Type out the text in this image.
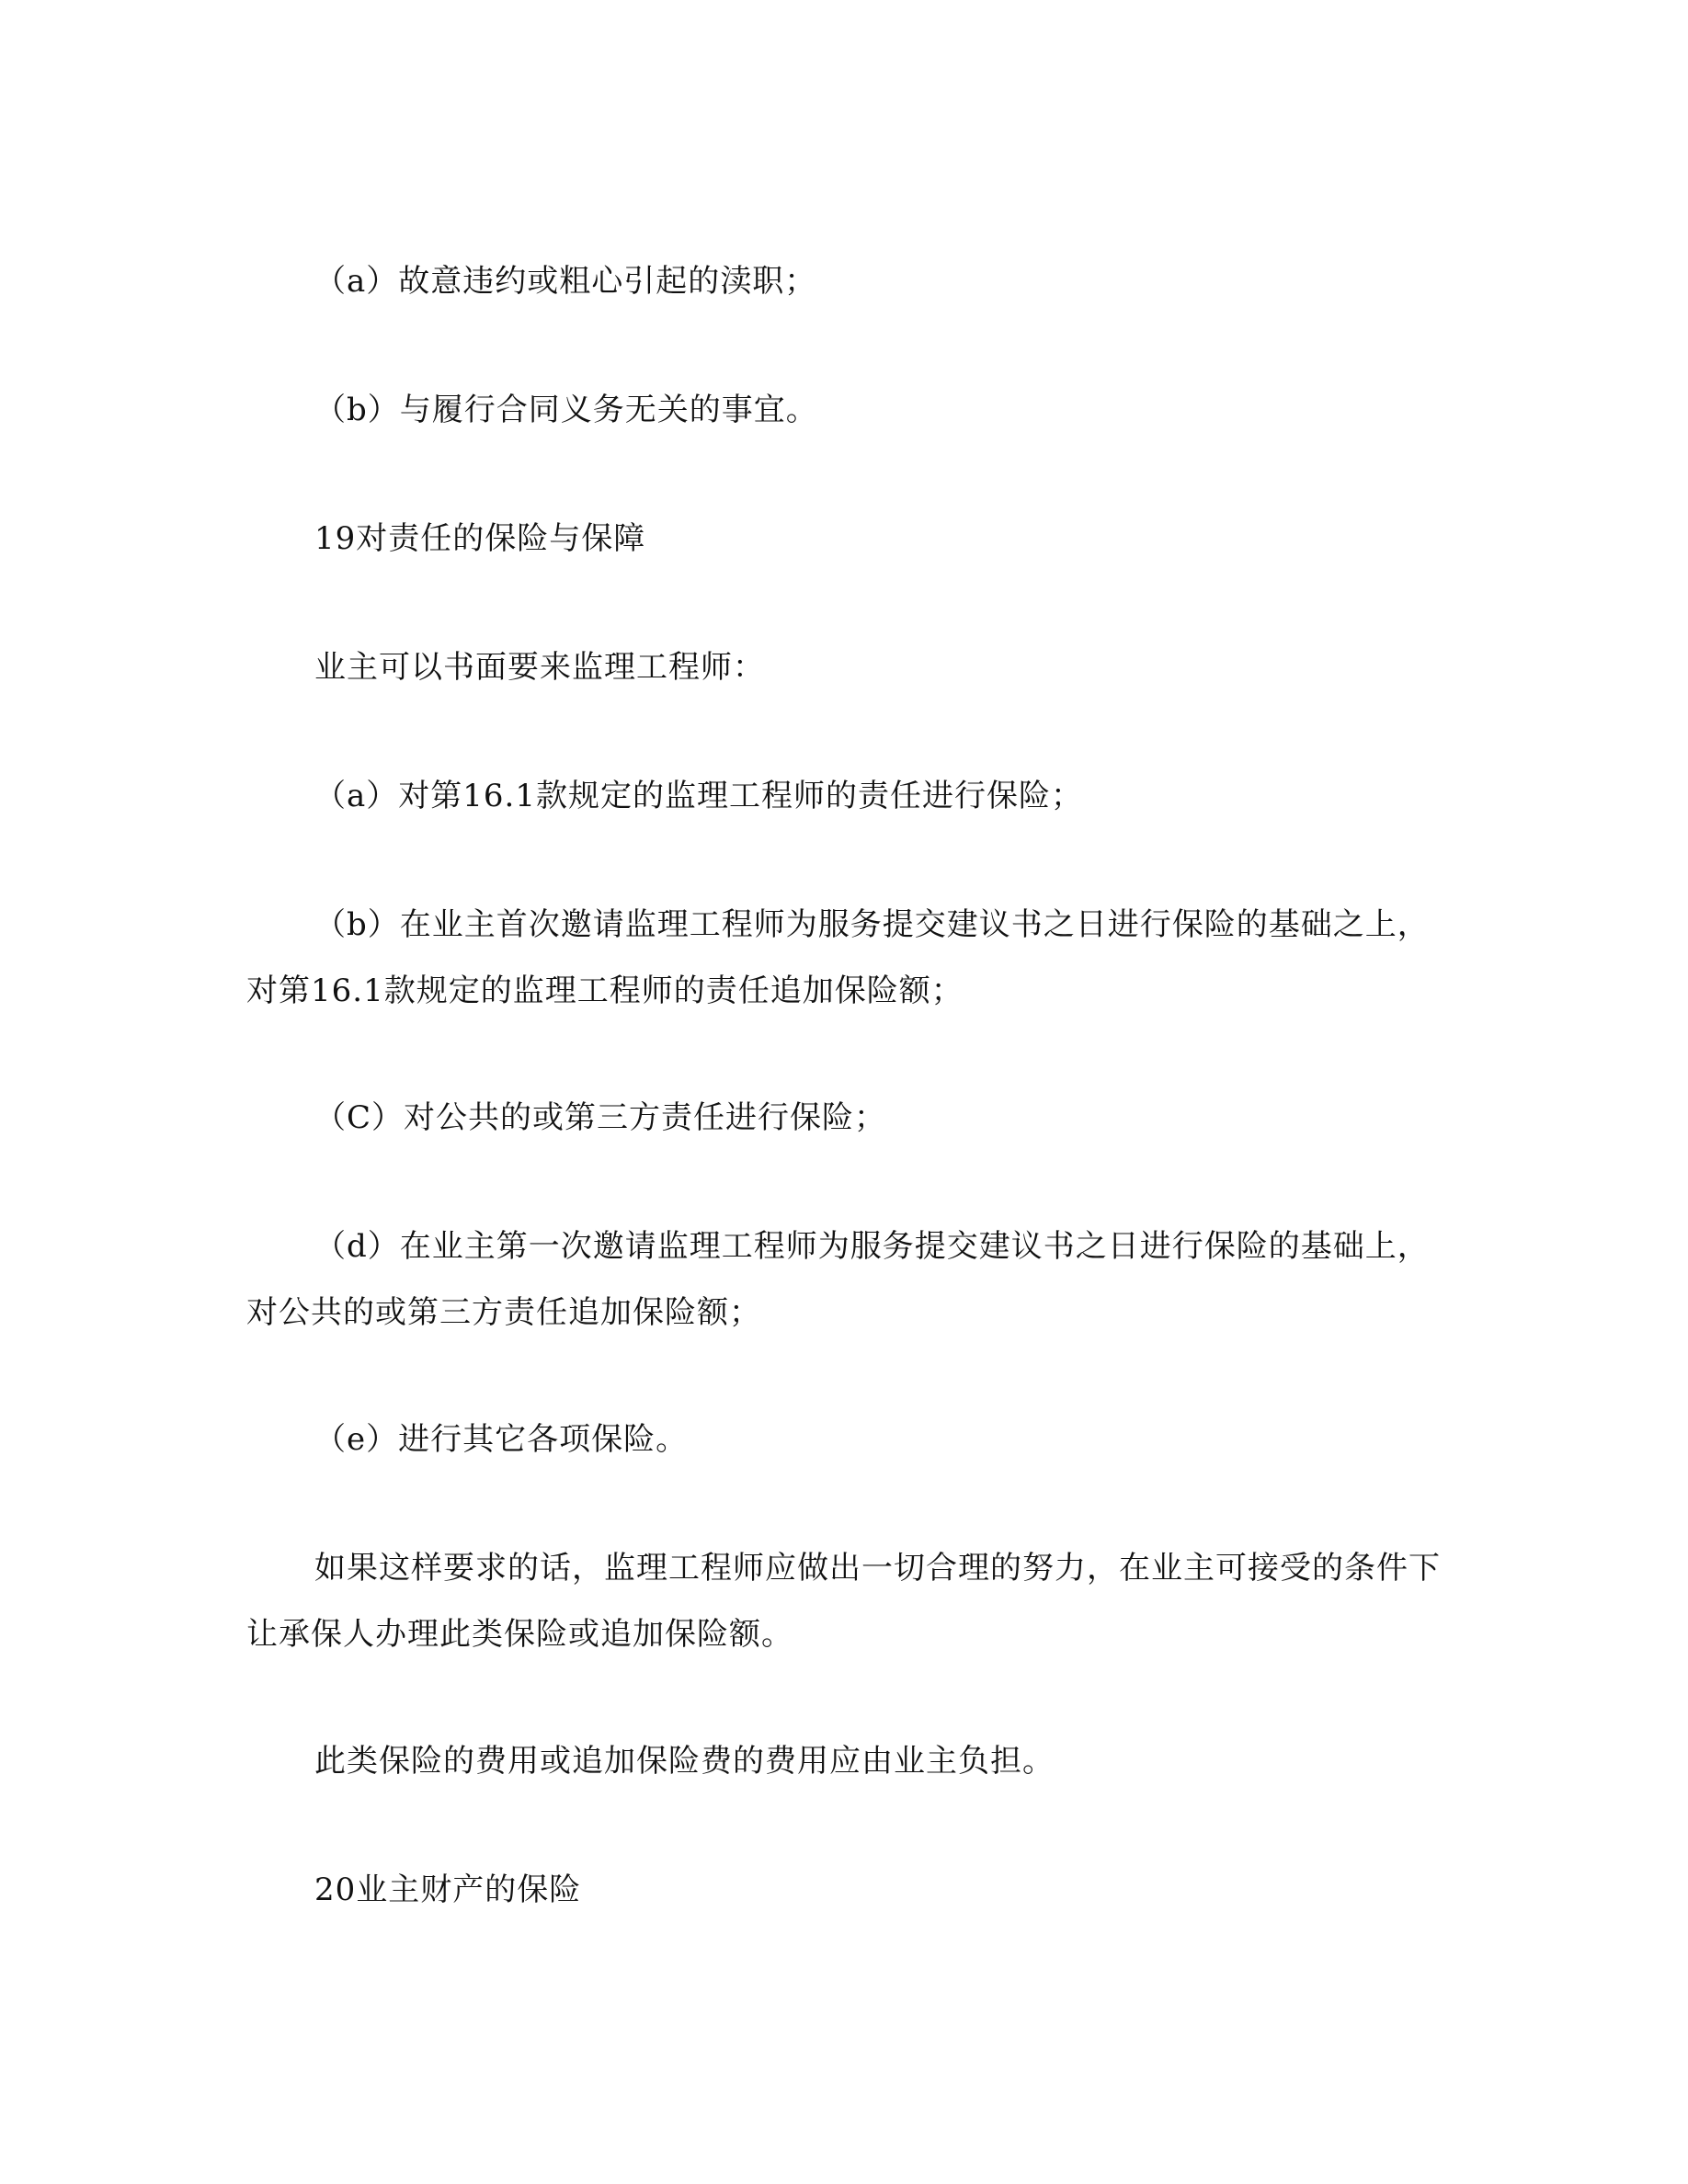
（a）故意违约或粗心引起的渎职；

（b）与履行合同义务无关的事宜。

19对责任的保险与保障

业主可以书面要来监理工程师：

（a）对第16.1款规定的监理工程师的责任进行保险；

（b）在业主首次邀请监理工程师为服务提交建议书之日进行保险的基础之上，对第16.1款规定的监理工程师的责任追加保险额；

（C）对公共的或第三方责任进行保险；

（d）在业主第一次邀请监理工程师为服务提交建议书之日进行保险的基础上，对公共的或第三方责任追加保险额；

（e）进行其它各项保险。

如果这样要求的话，监理工程师应做出一切合理的努力，在业主可接受的条件下让承保人办理此类保险或追加保险额。

此类保险的费用或追加保险费的费用应由业主负担。

20业主财产的保险
